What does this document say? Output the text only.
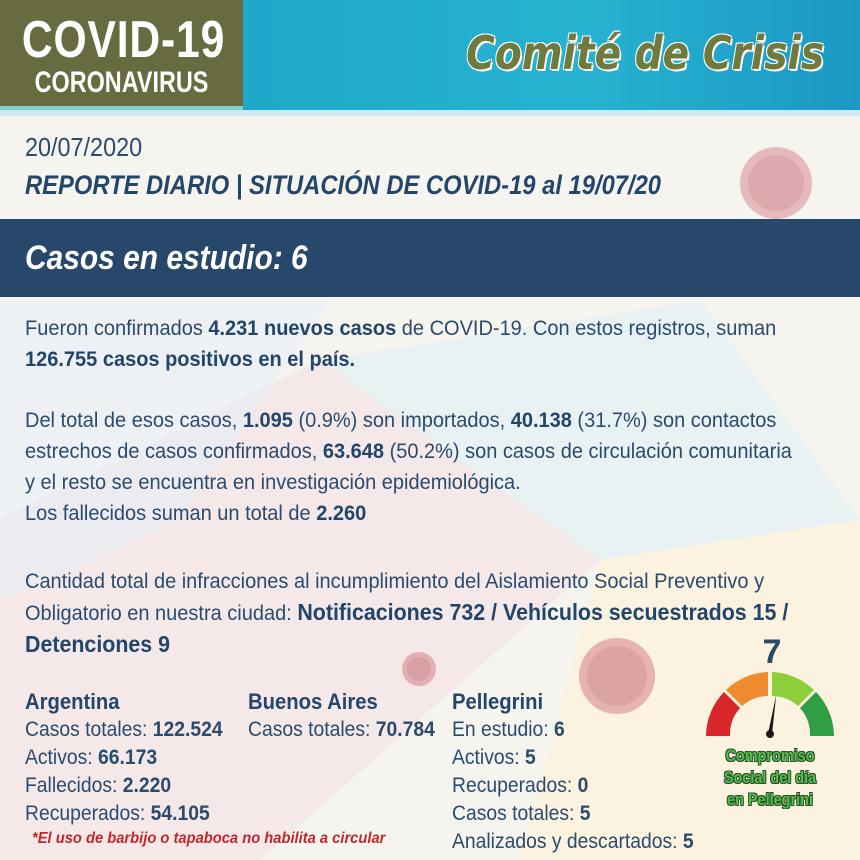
COVID-19
CORONAVIRUS
Comité de Crisis
20/07/2020
REPORTE DIARIO | SITUACIÓN DE COVID-19 al 19/07/20
Casos en estudio: 6
Fueron confirmados 4.231 nuevos casos de COVID-19. Con estos registros, suman 126.755 casos positivos en el país.
Del total de esos casos, 1.095 (0.9%) son importados, 40.138 (31.7%) son contactos estrechos de casos confirmados, 63.648 (50.2%) son casos de circulación comunitaria y el resto se encuentra en investigación epidemiológica.
Los fallecidos suman un total de 2.260
Cantidad total de infracciones al incumplimiento del Aislamiento Social Preventivo y Obligatorio en nuestra ciudad: Notificaciones 732 / Vehículos secuestrados 15 / Detenciones 9
Argentina
Casos totales: 122.524
Activos: 66.173
Fallecidos: 2.220
Recuperados: 54.105
Buenos Aires
Casos totales: 70.784
Pellegrini
En estudio: 6
Activos: 5
Recuperados: 0
Casos totales: 5
Analizados y descartados: 5
*El uso de barbijo o tapaboca no habilita a circular
7
Compromiso
Social del día
en Pellegrini
